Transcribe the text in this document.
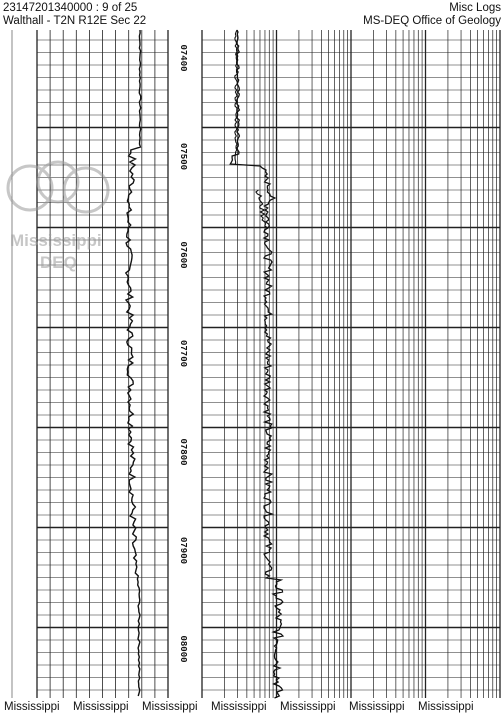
23147201340000 : 9 of 25
Walthall - T2N R12E Sec 22
Misc Logs
MS-DEQ Office of Geology
07400
07500
07600
07700
07800
07900
08000
Mississippi
DEQ
Mississippi Mississippi Mississippi Mississippi Mississippi Mississippi Mississippi
